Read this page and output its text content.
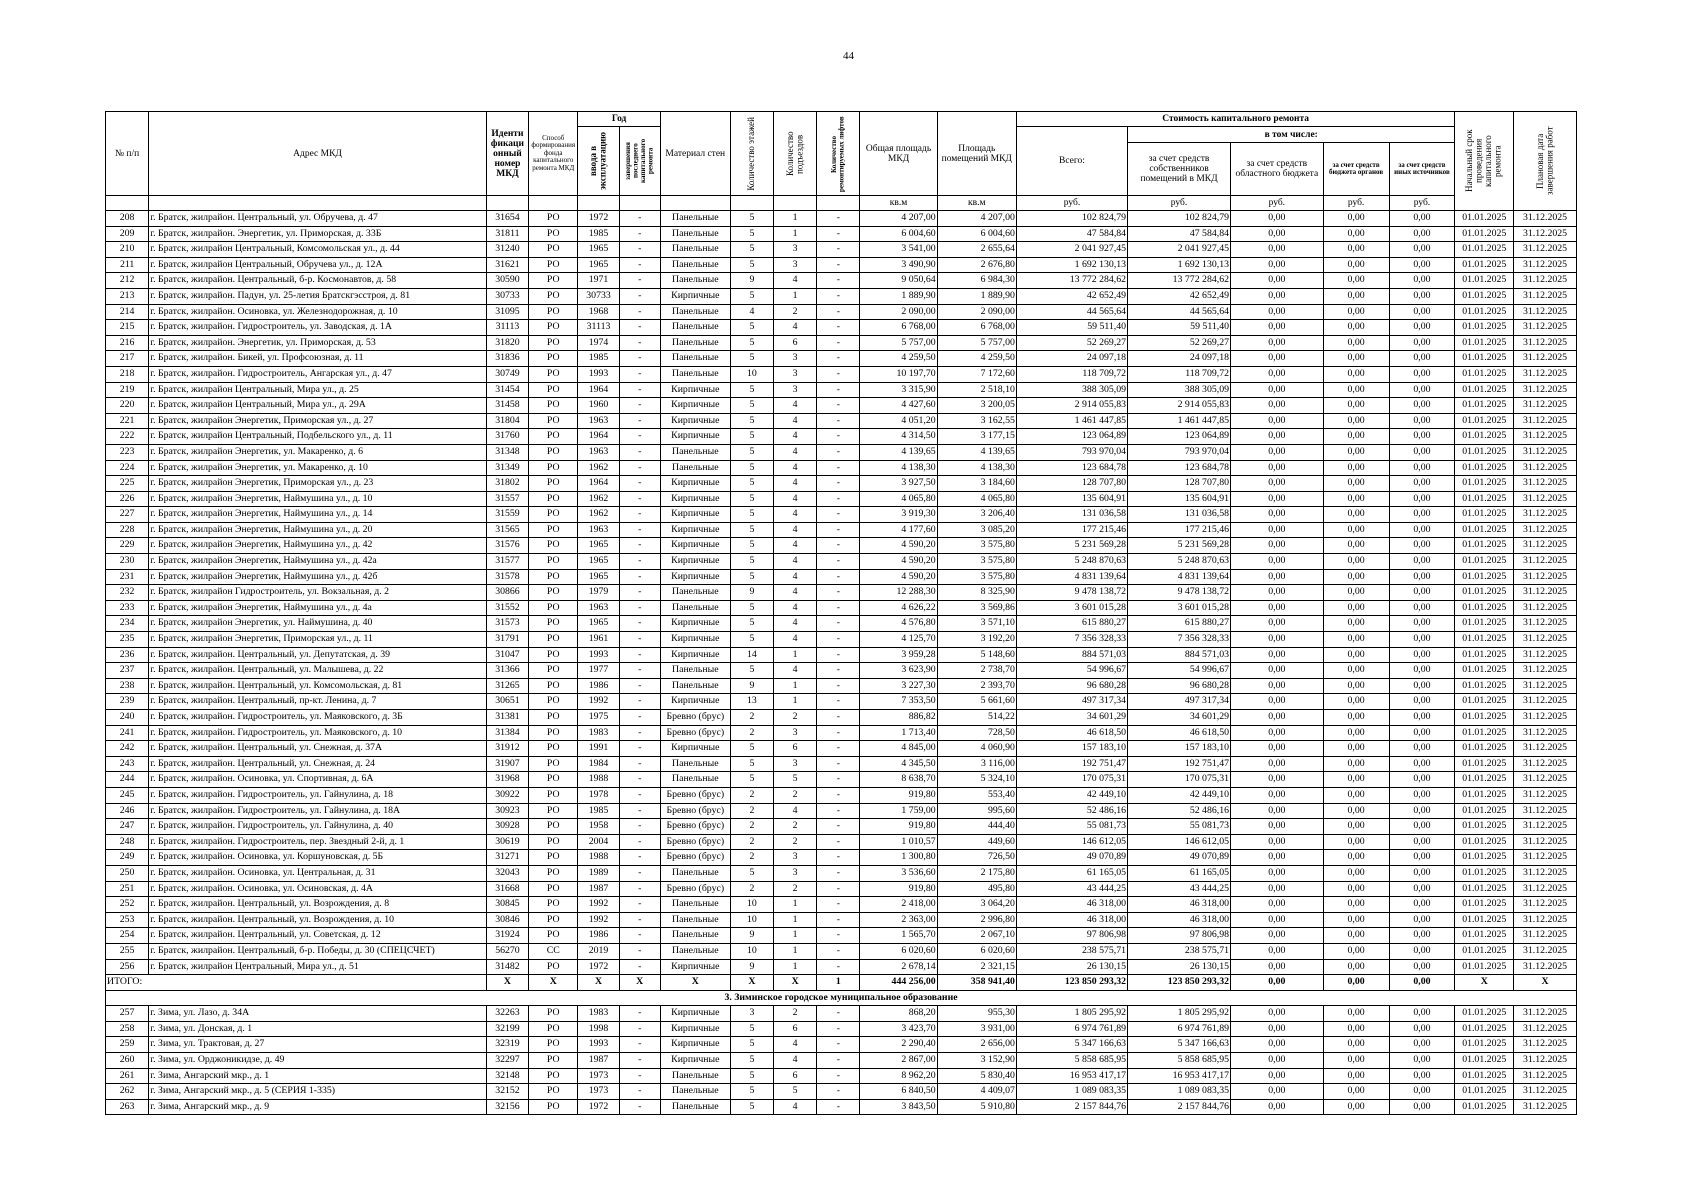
44
№ п/п	Адрес МКД	Иденти фикаци онный номер МКД	Способ формирования фонда капитального ремонта МКД	Год		Материал стен	Количество этажей	Количество подъездов	Количество ремонтируемых лифтов	Общая площадь МКД	Площадь помещений МКД	Стоимость капитального ремонта					Начальный срок проведения капитального ремонта	Плановая дата завершения работ

				ввода в эксплуатацию	завершения последнего капитального ремонта							Всего:	в том числе:					
													за счет средств собственников помещений в МКД	за счет средств областного бюджета	за счет средств бюджета органов	за счет средств иных источников		
										кв.м	кв.м	руб.	руб.	руб.	руб.	руб.		
208	г. Братск, жилрайон. Центральный, ул. Обручева, д. 47	31654	РО	1972	-	Панельные	5	1	-	4 207,00	4 207,00	102 824,79	102 824,79	0,00	0,00	0,00	01.01.2025	31.12.2025
209	г. Братск, жилрайон. Энергетик, ул. Приморская, д. 33Б	31811	РО	1985	-	Панельные	5	1	-	6 004,60	6 004,60	47 584,84	47 584,84	0,00	0,00	0,00	01.01.2025	31.12.2025
210	г. Братск, жилрайон Центральный, Комсомольская ул., д. 44	31240	РО	1965	-	Панельные	5	3	-	3 541,00	2 655,64	2 041 927,45	2 041 927,45	0,00	0,00	0,00	01.01.2025	31.12.2025
211	г. Братск, жилрайон Центральный, Обручева ул., д. 12А	31621	РО	1965	-	Панельные	5	3	-	3 490,90	2 676,80	1 692 130,13	1 692 130,13	0,00	0,00	0,00	01.01.2025	31.12.2025
212	г. Братск, жилрайон. Центральный, б-р. Космонавтов, д. 58	30590	РО	1971	-	Панельные	9	4	-	9 050,64	6 984,30	13 772 284,62	13 772 284,62	0,00	0,00	0,00	01.01.2025	31.12.2025
213	г. Братск, жилрайон. Падун, ул. 25-летия Братскгэсстроя, д. 81	30733	РО	30733	-	Кирпичные	5	1	-	1 889,90	1 889,90	42 652,49	42 652,49	0,00	0,00	0,00	01.01.2025	31.12.2025
214	г. Братск, жилрайон. Осиновка, ул. Железнодорожная, д. 10	31095	РО	1968	-	Панельные	4	2	-	2 090,00	2 090,00	44 565,64	44 565,64	0,00	0,00	0,00	01.01.2025	31.12.2025
215	г. Братск, жилрайон. Гидростроитель, ул. Заводская, д. 1А	31113	РО	31113	-	Панельные	5	4	-	6 768,00	6 768,00	59 511,40	59 511,40	0,00	0,00	0,00	01.01.2025	31.12.2025
216	г. Братск, жилрайон. Энергетик, ул. Приморская, д. 53	31820	РО	1974	-	Панельные	5	6	-	5 757,00	5 757,00	52 269,27	52 269,27	0,00	0,00	0,00	01.01.2025	31.12.2025
217	г. Братск, жилрайон. Бикей, ул. Профсоюзная, д. 11	31836	РО	1985	-	Панельные	5	3	-	4 259,50	4 259,50	24 097,18	24 097,18	0,00	0,00	0,00	01.01.2025	31.12.2025
218	г. Братск, жилрайон. Гидростроитель, Ангарская ул., д. 47	30749	РО	1993	-	Панельные	10	3	-	10 197,70	7 172,60	118 709,72	118 709,72	0,00	0,00	0,00	01.01.2025	31.12.2025
219	г. Братск, жилрайон Центральный, Мира ул., д. 25	31454	РО	1964	-	Кирпичные	5	3	-	3 315,90	2 518,10	388 305,09	388 305,09	0,00	0,00	0,00	01.01.2025	31.12.2025
220	г. Братск, жилрайон Центральный, Мира ул., д. 29А	31458	РО	1960	-	Кирпичные	5	4	-	4 427,60	3 200,05	2 914 055,83	2 914 055,83	0,00	0,00	0,00	01.01.2025	31.12.2025
221	г. Братск, жилрайон Энергетик, Приморская ул., д. 27	31804	РО	1963	-	Кирпичные	5	4	-	4 051,20	3 162,55	1 461 447,85	1 461 447,85	0,00	0,00	0,00	01.01.2025	31.12.2025
222	г. Братск, жилрайон Центральный, Подбельского ул., д. 11	31760	РО	1964	-	Кирпичные	5	4	-	4 314,50	3 177,15	123 064,89	123 064,89	0,00	0,00	0,00	01.01.2025	31.12.2025
223	г. Братск, жилрайон Энергетик, ул. Макаренко, д. 6	31348	РО	1963	-	Панельные	5	4	-	4 139,65	4 139,65	793 970,04	793 970,04	0,00	0,00	0,00	01.01.2025	31.12.2025
224	г. Братск, жилрайон Энергетик, ул. Макаренко, д. 10	31349	РО	1962	-	Панельные	5	4	-	4 138,30	4 138,30	123 684,78	123 684,78	0,00	0,00	0,00	01.01.2025	31.12.2025
225	г. Братск, жилрайон Энергетик, Приморская ул., д. 23	31802	РО	1964	-	Кирпичные	5	4	-	3 927,50	3 184,60	128 707,80	128 707,80	0,00	0,00	0,00	01.01.2025	31.12.2025
226	г. Братск, жилрайон Энергетик, Наймушина ул., д. 10	31557	РО	1962	-	Кирпичные	5	4	-	4 065,80	4 065,80	135 604,91	135 604,91	0,00	0,00	0,00	01.01.2025	31.12.2025
227	г. Братск, жилрайон Энергетик, Наймушина ул., д. 14	31559	РО	1962	-	Кирпичные	5	4	-	3 919,30	3 206,40	131 036,58	131 036,58	0,00	0,00	0,00	01.01.2025	31.12.2025
228	г. Братск, жилрайон Энергетик, Наймушина ул., д. 20	31565	РО	1963	-	Кирпичные	5	4	-	4 177,60	3 085,20	177 215,46	177 215,46	0,00	0,00	0,00	01.01.2025	31.12.2025
229	г. Братск, жилрайон Энергетик, Наймушина ул., д. 42	31576	РО	1965	-	Кирпичные	5	4	-	4 590,20	3 575,80	5 231 569,28	5 231 569,28	0,00	0,00	0,00	01.01.2025	31.12.2025
230	г. Братск, жилрайон Энергетик, Наймушина ул., д. 42а	31577	РО	1965	-	Кирпичные	5	4	-	4 590,20	3 575,80	5 248 870,63	5 248 870,63	0,00	0,00	0,00	01.01.2025	31.12.2025
231	г. Братск, жилрайон Энергетик, Наймушина ул., д. 42б	31578	РО	1965	-	Кирпичные	5	4	-	4 590,20	3 575,80	4 831 139,64	4 831 139,64	0,00	0,00	0,00	01.01.2025	31.12.2025
232	г. Братск, жилрайон Гидростроитель, ул. Вокзальная, д. 2	30866	РО	1979	-	Панельные	9	4	-	12 288,30	8 325,90	9 478 138,72	9 478 138,72	0,00	0,00	0,00	01.01.2025	31.12.2025
233	г. Братск, жилрайон Энергетик, Наймушина ул., д. 4а	31552	РО	1963	-	Панельные	5	4	-	4 626,22	3 569,86	3 601 015,28	3 601 015,28	0,00	0,00	0,00	01.01.2025	31.12.2025
234	г. Братск, жилрайон Энергетик, ул. Наймушина, д. 40	31573	РО	1965	-	Кирпичные	5	4	-	4 576,80	3 571,10	615 880,27	615 880,27	0,00	0,00	0,00	01.01.2025	31.12.2025
235	г. Братск, жилрайон Энергетик, Приморская ул., д. 11	31791	РО	1961	-	Кирпичные	5	4	-	4 125,70	3 192,20	7 356 328,33	7 356 328,33	0,00	0,00	0,00	01.01.2025	31.12.2025
236	г. Братск, жилрайон. Центральный, ул. Депутатская, д. 39	31047	РО	1993	-	Кирпичные	14	1	-	3 959,28	5 148,60	884 571,03	884 571,03	0,00	0,00	0,00	01.01.2025	31.12.2025
237	г. Братск, жилрайон. Центральный, ул. Малышева, д. 22	31366	РО	1977	-	Панельные	5	4	-	3 623,90	2 738,70	54 996,67	54 996,67	0,00	0,00	0,00	01.01.2025	31.12.2025
238	г. Братск, жилрайон. Центральный, ул. Комсомольская, д. 81	31265	РО	1986	-	Панельные	9	1	-	3 227,30	2 393,70	96 680,28	96 680,28	0,00	0,00	0,00	01.01.2025	31.12.2025
239	г. Братск, жилрайон. Центральный, пр-кт. Ленина, д. 7	30651	РО	1992	-	Кирпичные	13	1	-	7 353,50	5 661,60	497 317,34	497 317,34	0,00	0,00	0,00	01.01.2025	31.12.2025
240	г. Братск, жилрайон. Гидростроитель, ул. Маяковского, д. 3Б	31381	РО	1975	-	Бревно (брус)	2	2	-	886,82	514,22	34 601,29	34 601,29	0,00	0,00	0,00	01.01.2025	31.12.2025
241	г. Братск, жилрайон. Гидростроитель, ул. Маяковского, д. 10	31384	РО	1983	-	Бревно (брус)	2	3	-	1 713,40	728,50	46 618,50	46 618,50	0,00	0,00	0,00	01.01.2025	31.12.2025
242	г. Братск, жилрайон. Центральный, ул. Снежная, д. 37А	31912	РО	1991	-	Кирпичные	5	6	-	4 845,00	4 060,90	157 183,10	157 183,10	0,00	0,00	0,00	01.01.2025	31.12.2025
243	г. Братск, жилрайон. Центральный, ул. Снежная, д. 24	31907	РО	1984	-	Панельные	5	3	-	4 345,50	3 116,00	192 751,47	192 751,47	0,00	0,00	0,00	01.01.2025	31.12.2025
244	г. Братск, жилрайон. Осиновка, ул. Спортивная, д. 6А	31968	РО	1988	-	Панельные	5	5	-	8 638,70	5 324,10	170 075,31	170 075,31	0,00	0,00	0,00	01.01.2025	31.12.2025
245	г. Братск, жилрайон. Гидростроитель, ул. Гайнулина, д. 18	30922	РО	1978	-	Бревно (брус)	2	2	-	919,80	553,40	42 449,10	42 449,10	0,00	0,00	0,00	01.01.2025	31.12.2025
246	г. Братск, жилрайон. Гидростроитель, ул. Гайнулина, д. 18А	30923	РО	1985	-	Бревно (брус)	2	4	-	1 759,00	995,60	52 486,16	52 486,16	0,00	0,00	0,00	01.01.2025	31.12.2025
247	г. Братск, жилрайон. Гидростроитель, ул. Гайнулина, д. 40	30928	РО	1958	-	Бревно (брус)	2	2	-	919,80	444,40	55 081,73	55 081,73	0,00	0,00	0,00	01.01.2025	31.12.2025
248	г. Братск, жилрайон. Гидростроитель, пер. Звездный 2-й, д. 1	30619	РО	2004	-	Бревно (брус)	2	2	-	1 010,57	449,60	146 612,05	146 612,05	0,00	0,00	0,00	01.01.2025	31.12.2025
249	г. Братск, жилрайон. Осиновка, ул. Коршуновская, д. 5Б	31271	РО	1988	-	Бревно (брус)	2	3	-	1 300,80	726,50	49 070,89	49 070,89	0,00	0,00	0,00	01.01.2025	31.12.2025
250	г. Братск, жилрайон. Осиновка, ул. Центральная, д. 31	32043	РО	1989	-	Панельные	5	3	-	3 536,60	2 175,80	61 165,05	61 165,05	0,00	0,00	0,00	01.01.2025	31.12.2025
251	г. Братск, жилрайон. Осиновка, ул. Осиновская, д. 4А	31668	РО	1987	-	Бревно (брус)	2	2	-	919,80	495,80	43 444,25	43 444,25	0,00	0,00	0,00	01.01.2025	31.12.2025
252	г. Братск, жилрайон. Центральный, ул. Возрождения, д. 8	30845	РО	1992	-	Панельные	10	1	-	2 418,00	3 064,20	46 318,00	46 318,00	0,00	0,00	0,00	01.01.2025	31.12.2025
253	г. Братск, жилрайон. Центральный, ул. Возрождения, д. 10	30846	РО	1992	-	Панельные	10	1	-	2 363,00	2 996,80	46 318,00	46 318,00	0,00	0,00	0,00	01.01.2025	31.12.2025
254	г. Братск, жилрайон. Центральный, ул. Советская, д. 12	31924	РО	1986	-	Панельные	9	1	-	1 565,70	2 067,10	97 806,98	97 806,98	0,00	0,00	0,00	01.01.2025	31.12.2025
255	г. Братск, жилрайон. Центральный, б-р. Победы, д. 30 (СПЕЦСЧЕТ)	56270	СС	2019	-	Панельные	10	1	-	6 020,60	6 020,60	238 575,71	238 575,71	0,00	0,00	0,00	01.01.2025	31.12.2025
256	г. Братск, жилрайон Центральный, Мира ул., д. 51	31482	РО	1972	-	Кирпичные	9	1	-	2 678,14	2 321,15	26 130,15	26 130,15	0,00	0,00	0,00	01.01.2025	31.12.2025
ИТОГО:		X	X	X	X	X	X	X	1	444 256,00	358 941,40	123 850 293,32	123 850 293,32	0,00	0,00	0,00	X	X
3. Зиминское городское муниципальное образование																		
257	г. Зима, ул. Лазо, д. 34А	32263	РО	1983	-	Кирпичные	3	2	-	868,20	955,30	1 805 295,92	1 805 295,92	0,00	0,00	0,00	01.01.2025	31.12.2025
258	г. Зима, ул. Донская, д. 1	32199	РО	1998	-	Кирпичные	5	6	-	3 423,70	3 931,00	6 974 761,89	6 974 761,89	0,00	0,00	0,00	01.01.2025	31.12.2025
259	г. Зима, ул. Трактовая, д. 27	32319	РО	1993	-	Кирпичные	5	4	-	2 290,40	2 656,00	5 347 166,63	5 347 166,63	0,00	0,00	0,00	01.01.2025	31.12.2025
260	г. Зима, ул. Орджоникидзе, д. 49	32297	РО	1987	-	Кирпичные	5	4	-	2 867,00	3 152,90	5 858 685,95	5 858 685,95	0,00	0,00	0,00	01.01.2025	31.12.2025
261	г. Зима, Ангарский мкр., д. 1	32148	РО	1973	-	Панельные	5	6	-	8 962,20	5 830,40	16 953 417,17	16 953 417,17	0,00	0,00	0,00	01.01.2025	31.12.2025
262	г. Зима, Ангарский мкр., д. 5 (СЕРИЯ 1-335)	32152	РО	1973	-	Панельные	5	5	-	6 840,50	4 409,07	1 089 083,35	1 089 083,35	0,00	0,00	0,00	01.01.2025	31.12.2025
263	г. Зима, Ангарский мкр., д. 9	32156	РО	1972	-	Панельные	5	4	-	3 843,50	5 910,80	2 157 844,76	2 157 844,76	0,00	0,00	0,00	01.01.2025	31.12.2025
